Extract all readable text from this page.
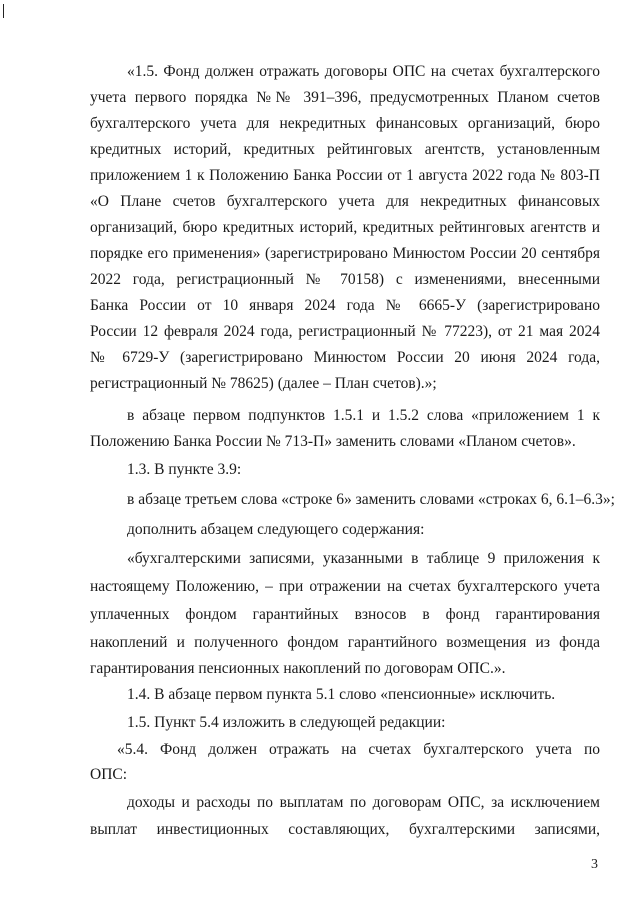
«1.5. Фонд должен отражать договоры ОПС на счетах бухгалтерского
учета первого порядка №№ 391–396, предусмотренных Планом счетов
бухгалтерского учета для некредитных финансовых организаций, бюро
кредитных историй, кредитных рейтинговых агентств, установленным
приложением 1 к Положению Банка России от 1 августа 2022 года № 803-П
«О Плане счетов бухгалтерского учета для некредитных финансовых
организаций, бюро кредитных историй, кредитных рейтинговых агентств и
порядке его применения» (зарегистрировано Минюстом России 20 сентября
2022 года, регистрационный № 70158) с изменениями, внесенными
Банка России от 10 января 2024 года № 6665-У (зарегистрировано
России 12 февраля 2024 года, регистрационный № 77223), от 21 мая 2024
№ 6729-У (зарегистрировано Минюстом России 20 июня 2024 года,
регистрационный № 78625) (далее – План счетов).»;
в абзаце первом подпунктов 1.5.1 и 1.5.2 слова «приложением 1 к
Положению Банка России № 713-П» заменить словами «Планом счетов».
1.3. В пункте 3.9:
в абзаце третьем слова «строке 6» заменить словами «строках 6, 6.1–6.3»;
дополнить абзацем следующего содержания:
«бухгалтерскими записями, указанными в таблице 9 приложения к
настоящему Положению, – при отражении на счетах бухгалтерского учета
уплаченных фондом гарантийных взносов в фонд гарантирования
накоплений и полученного фондом гарантийного возмещения из фонда
гарантирования пенсионных накоплений по договорам ОПС.».
1.4. В абзаце первом пункта 5.1 слово «пенсионные» исключить.
1.5. Пункт 5.4 изложить в следующей редакции:
«5.4. Фонд должен отражать на счетах бухгалтерского учета по
ОПС:
доходы и расходы по выплатам по договорам ОПС, за исключением
выплат инвестиционных составляющих, бухгалтерскими записями,
3
